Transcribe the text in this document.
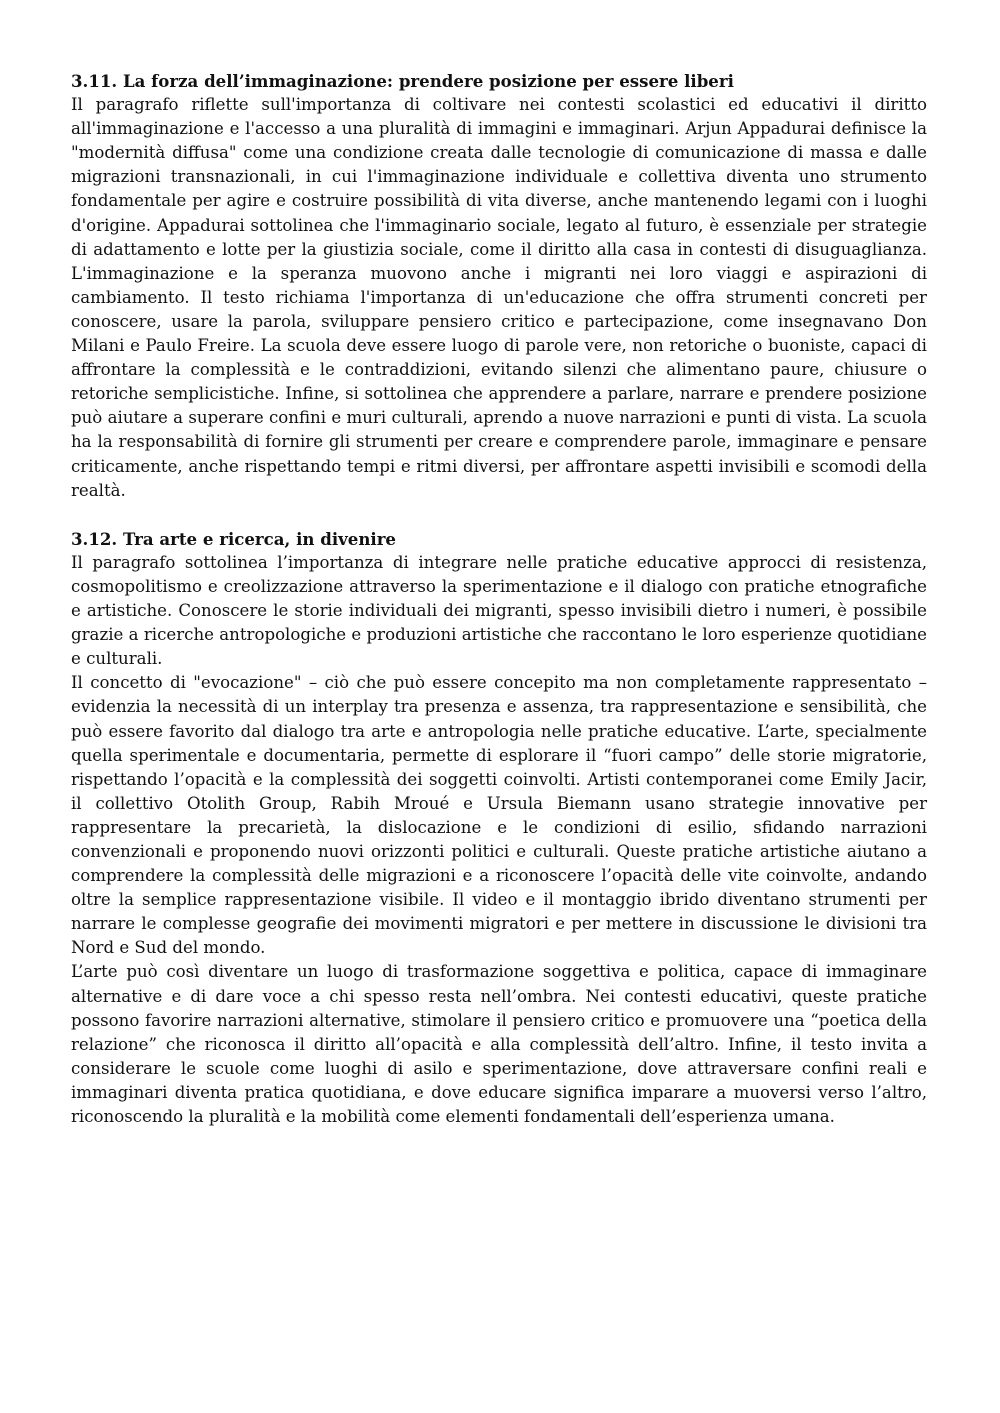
3.11. La forza dell’immaginazione: prendere posizione per essere liberi

Il paragrafo riflette sull'importanza di coltivare nei contesti scolastici ed educativi il diritto all'immaginazione e l'accesso a una pluralità di immagini e immaginari. Arjun Appadurai definisce la "modernità diffusa" come una condizione creata dalle tecnologie di comunicazione di massa e dalle migrazioni transnazionali, in cui l'immaginazione individuale e collettiva diventa uno strumento fondamentale per agire e costruire possibilità di vita diverse, anche mantenendo legami con i luoghi d'origine. Appadurai sottolinea che l'immaginario sociale, legato al futuro, è essenziale per strategie di adattamento e lotte per la giustizia sociale, come il diritto alla casa in contesti di disuguaglianza. L'immaginazione e la speranza muovono anche i migranti nei loro viaggi e aspirazioni di cambiamento. Il testo richiama l'importanza di un'educazione che offra strumenti concreti per conoscere, usare la parola, sviluppare pensiero critico e partecipazione, come insegnavano Don Milani e Paulo Freire. La scuola deve essere luogo di parole vere, non retoriche o buoniste, capaci di affrontare la complessità e le contraddizioni, evitando silenzi che alimentano paure, chiusure o retoriche semplicistiche. Infine, si sottolinea che apprendere a parlare, narrare e prendere posizione può aiutare a superare confini e muri culturali, aprendo a nuove narrazioni e punti di vista. La scuola ha la responsabilità di fornire gli strumenti per creare e comprendere parole, immaginare e pensare criticamente, anche rispettando tempi e ritmi diversi, per affrontare aspetti invisibili e scomodi della realtà.

3.12. Tra arte e ricerca, in divenire

Il paragrafo sottolinea l’importanza di integrare nelle pratiche educative approcci di resistenza, cosmopolitismo e creolizzazione attraverso la sperimentazione e il dialogo con pratiche etnografiche e artistiche. Conoscere le storie individuali dei migranti, spesso invisibili dietro i numeri, è possibile grazie a ricerche antropologiche e produzioni artistiche che raccontano le loro esperienze quotidiane e culturali.

Il concetto di "evocazione" – ciò che può essere concepito ma non completamente rappresentato – evidenzia la necessità di un interplay tra presenza e assenza, tra rappresentazione e sensibilità, che può essere favorito dal dialogo tra arte e antropologia nelle pratiche educative. L’arte, specialmente quella sperimentale e documentaria, permette di esplorare il “fuori campo” delle storie migratorie, rispettando l’opacità e la complessità dei soggetti coinvolti. Artisti contemporanei come Emily Jacir, il collettivo Otolith Group, Rabih Mroué e Ursula Biemann usano strategie innovative per rappresentare la precarietà, la dislocazione e le condizioni di esilio, sfidando narrazioni convenzionali e proponendo nuovi orizzonti politici e culturali. Queste pratiche artistiche aiutano a comprendere la complessità delle migrazioni e a riconoscere l’opacità delle vite coinvolte, andando oltre la semplice rappresentazione visibile. Il video e il montaggio ibrido diventano strumenti per narrare le complesse geografie dei movimenti migratori e per mettere in discussione le divisioni tra Nord e Sud del mondo.

L’arte può così diventare un luogo di trasformazione soggettiva e politica, capace di immaginare alternative e di dare voce a chi spesso resta nell’ombra. Nei contesti educativi, queste pratiche possono favorire narrazioni alternative, stimolare il pensiero critico e promuovere una “poetica della relazione” che riconosca il diritto all’opacità e alla complessità dell’altro. Infine, il testo invita a considerare le scuole come luoghi di asilo e sperimentazione, dove attraversare confini reali e immaginari diventa pratica quotidiana, e dove educare significa imparare a muoversi verso l’altro, riconoscendo la pluralità e la mobilità come elementi fondamentali dell’esperienza umana.
